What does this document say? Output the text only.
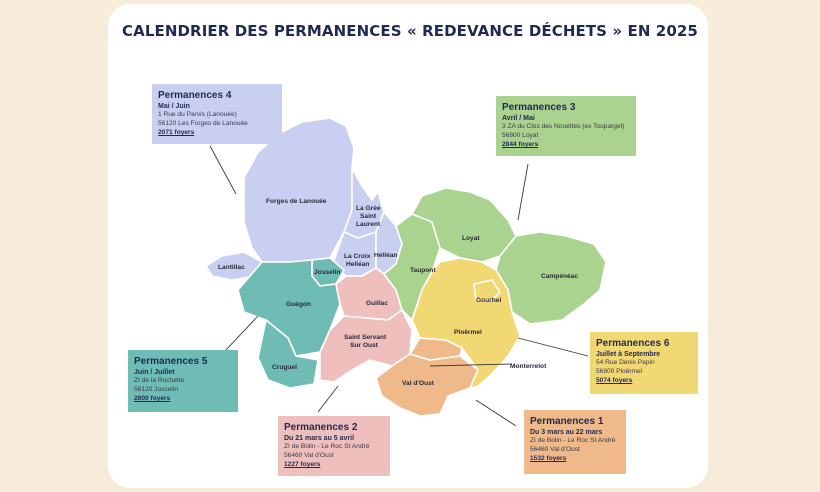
CALENDRIER DES PERMANENCES « REDEVANCE DÉCHETS » EN 2025
Forges de Lanouée
La Grée Saint Laurent
La Croix Helléan
Helléan
Lantillac
Josselin
Guégon
Cruguel
Guillac
Saint Servant Sur Oust
Loyat
Taupont
Campénéac
Gourhel
Ploërmel
Monterrelot
Val d'Oust
Permanences 4
Mai / Juin
1 Rue du Parvis (Lanouée)
56120 Les Forges de Lanouée
2071 foyers
Permanences 3
Avril / Mai
3 ZA du Clos des Nouettes (ex Toupargel)
56800 Loyat
2844 foyers
Permanences 5
Juin / Juillet
ZI de la Rochette
56120 Josselin
2800 foyers
Permanences 6
Juillet à Septembre
54 Rue Denis Papin
56800 Ploërmel
5074 foyers
Permanences 2
Du 21 mars au 5 avril
ZI de Bolin - Le Roc St André
56460 Val d'Oust
1227 foyers
Permanences 1
Du 3 mars au 22 mars
ZI de Bolin - Le Roc St André
56460 Val d'Oust
1532 foyers
